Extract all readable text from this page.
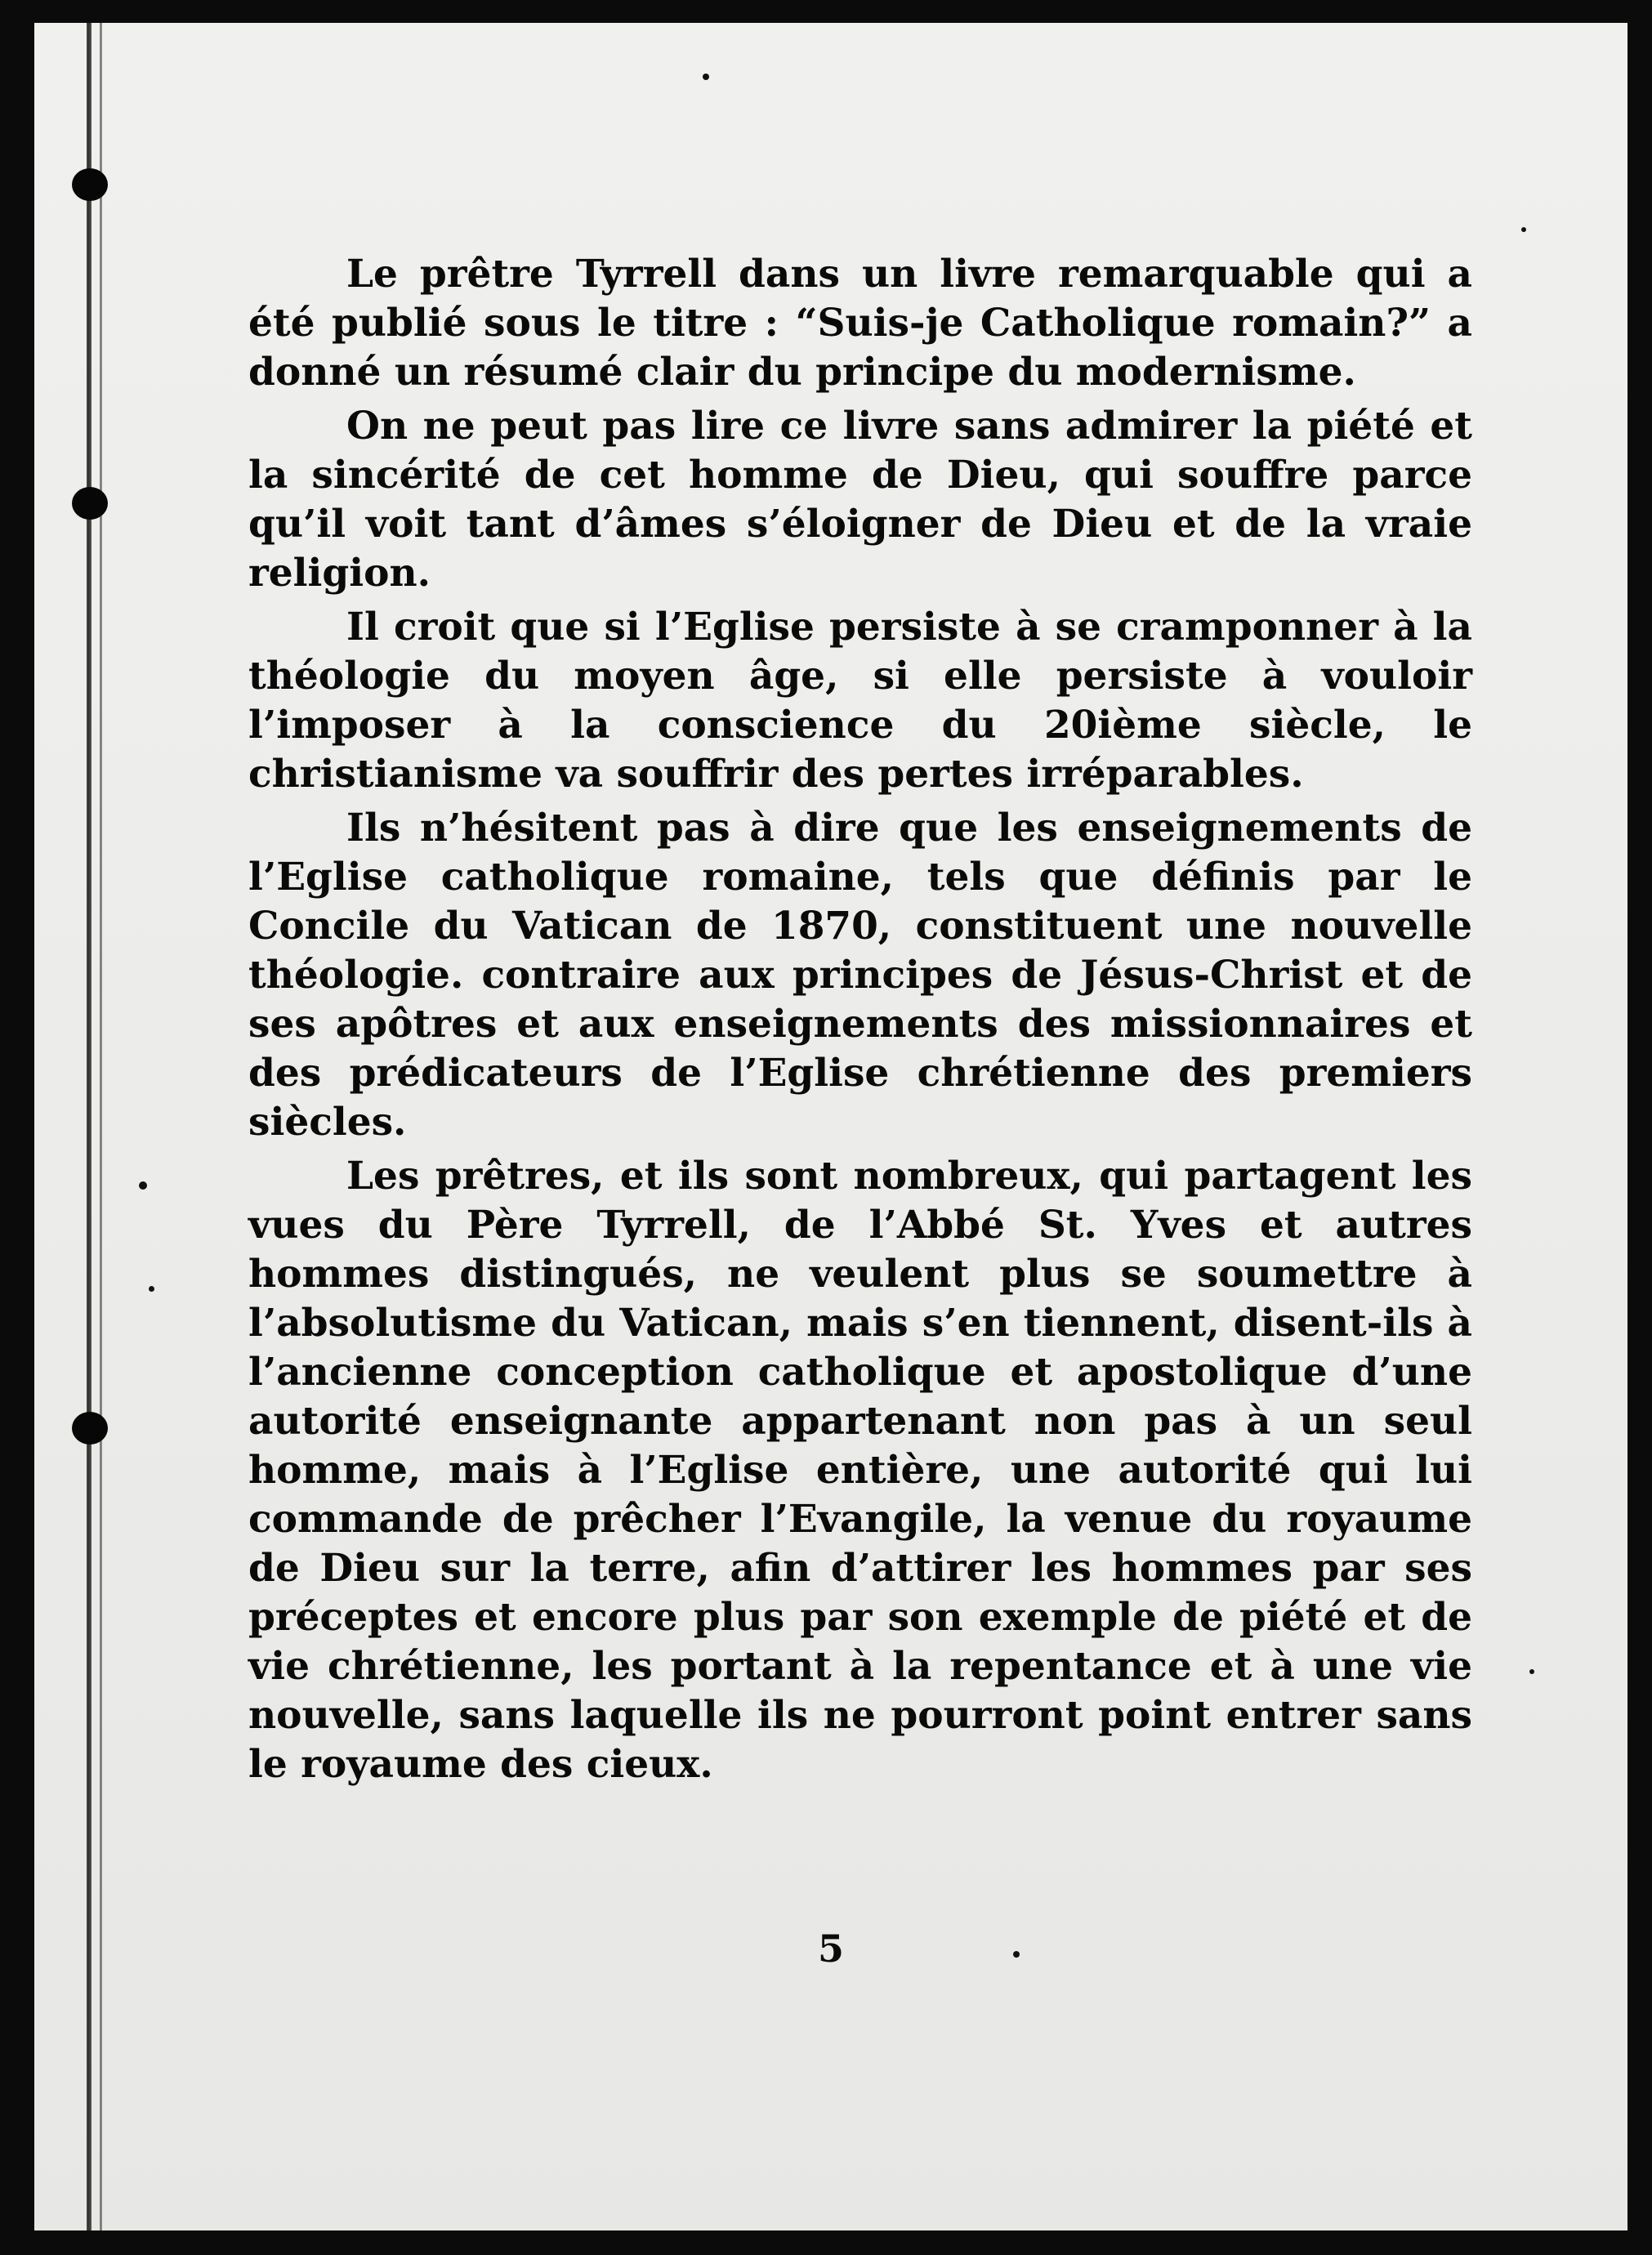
Le prêtre Tyrrell dans un livre remarquable qui a été publié sous le titre : “Suis-je Catholique romain?” a donné un résumé clair du principe du modernisme.

On ne peut pas lire ce livre sans admirer la piété et la sincérité de cet homme de Dieu, qui souffre parce qu’il voit tant d’âmes s’éloigner de Dieu et de la vraie religion.

Il croit que si l’Eglise persiste à se cramponner à la théologie du moyen âge, si elle persiste à vouloir l’imposer à la conscience du 20ième siècle, le christianisme va souffrir des pertes irréparables.

Ils n’hésitent pas à dire que les enseignements de l’Eglise catholique romaine, tels que définis par le Concile du Vatican de 1870, constituent une nouvelle théologie. contraire aux principes de Jésus-Christ et de ses apôtres et aux enseignements des missionnaires et des prédicateurs de l’Eglise chrétienne des premiers siècles.

Les prêtres, et ils sont nombreux, qui partagent les vues du Père Tyrrell, de l’Abbé St. Yves et autres hommes distingués, ne veulent plus se soumettre à l’absolutisme du Vatican, mais s’en tiennent, disent-ils à l’ancienne conception catholique et apostolique d’une autorité enseignante appartenant non pas à un seul homme, mais à l’Eglise entière, une autorité qui lui commande de prêcher l’Evangile, la venue du royaume de Dieu sur la terre, afin d’attirer les hommes par ses préceptes et encore plus par son exemple de piété et de vie chrétienne, les portant à la repentance et à une vie nouvelle, sans laquelle ils ne pourront point entrer sans le royaume des cieux.

5
